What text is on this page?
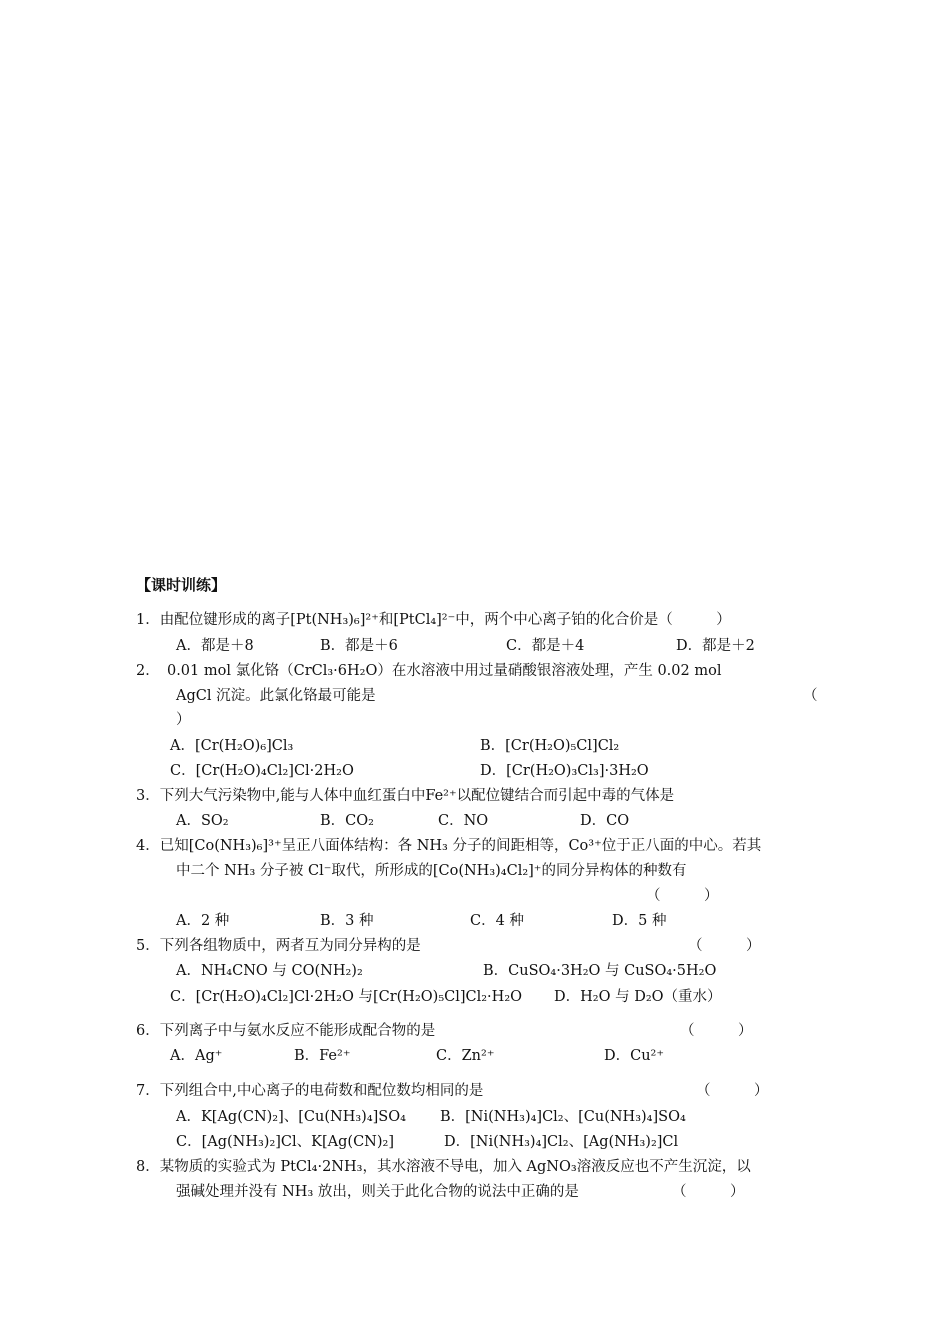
【课时训练】
1．由配位键形成的离子[Pt(NH₃)₆]²⁺和[PtCl₄]²⁻中，两个中心离子铂的化合价是（　　　）
A．都是＋8	B．都是＋6	C．都是＋4	D．都是＋2
2．　0.01 mol 氯化铬（CrCl₃·6H₂O）在水溶液中用过量硝酸银溶液处理，产生 0.02 mol
AgCl 沉淀。此氯化铬最可能是	（
）
A．[Cr(H₂O)₆]Cl₃	B．[Cr(H₂O)₅Cl]Cl₂
C．[Cr(H₂O)₄Cl₂]Cl·2H₂O	D．[Cr(H₂O)₃Cl₃]·3H₂O
3．下列大气污染物中,能与人体中血红蛋白中Fe²⁺以配位键结合而引起中毒的气体是
A．SO₂	B．CO₂	C．NO	D．CO
4．已知[Co(NH₃)₆]³⁺呈正八面体结构：各 NH₃ 分子的间距相等，Co³⁺位于正八面的中心。若其
中二个 NH₃ 分子被 Cl⁻取代，所形成的[Co(NH₃)₄Cl₂]⁺的同分异构体的种数有
（　　　）
A．2 种	B．3 种	C．4 种	D．5 种
5．下列各组物质中，两者互为同分异构的是	（　　　）
A．NH₄CNO 与 CO(NH₂)₂	B．CuSO₄·3H₂O 与 CuSO₄·5H₂O
C．[Cr(H₂O)₄Cl₂]Cl·2H₂O 与[Cr(H₂O)₅Cl]Cl₂·H₂O D．H₂O 与 D₂O（重水）
6．下列离子中与氨水反应不能形成配合物的是	（　　　）
A．Ag⁺	B．Fe²⁺	C．Zn²⁺	D．Cu²⁺
7．下列组合中,中心离子的电荷数和配位数均相同的是	（　　　）
A．K[Ag(CN)₂]、[Cu(NH₃)₄]SO₄ B．[Ni(NH₃)₄]Cl₂、[Cu(NH₃)₄]SO₄
C．[Ag(NH₃)₂]Cl、K[Ag(CN)₂]	D．[Ni(NH₃)₄]Cl₂、[Ag(NH₃)₂]Cl
8．某物质的实验式为 PtCl₄·2NH₃，其水溶液不导电，加入 AgNO₃溶液反应也不产生沉淀，以
强碱处理并没有 NH₃ 放出，则关于此化合物的说法中正确的是	（　　　）
